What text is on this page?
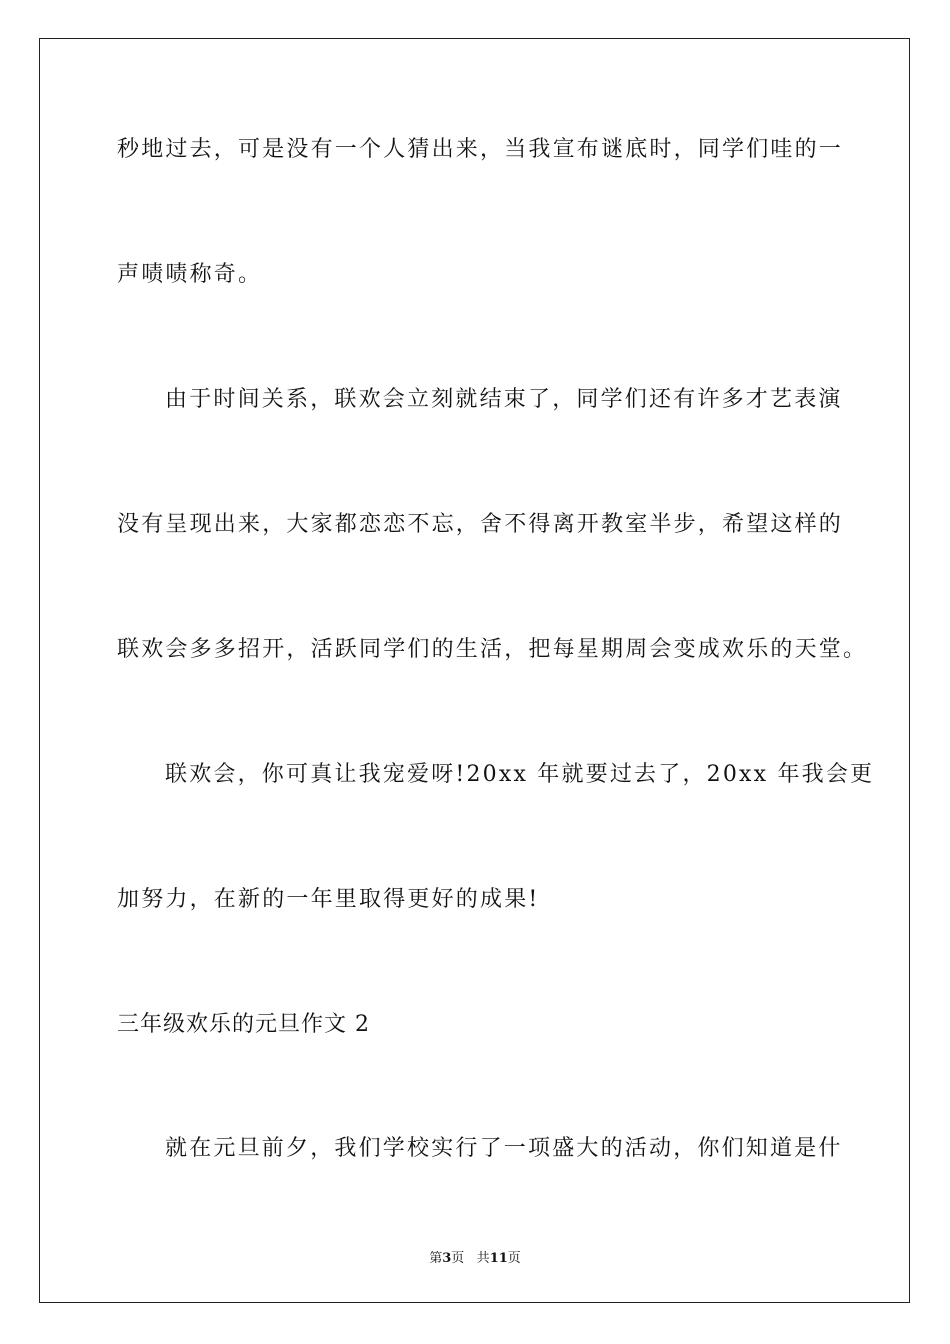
秒地过去，可是没有一个人猜出来，当我宣布谜底时，同学们哇的一
声啧啧称奇。
由于时间关系，联欢会立刻就结束了，同学们还有许多才艺表演
没有呈现出来，大家都恋恋不忘，舍不得离开教室半步，希望这样的
联欢会多多招开，活跃同学们的生活，把每星期周会变成欢乐的天堂。
联欢会，你可真让我宠爱呀!20xx 年就要过去了，20xx 年我会更
加努力，在新的一年里取得更好的成果!
三年级欢乐的元旦作文 2
就在元旦前夕，我们学校实行了一项盛大的活动，你们知道是什
第3页 共11页
